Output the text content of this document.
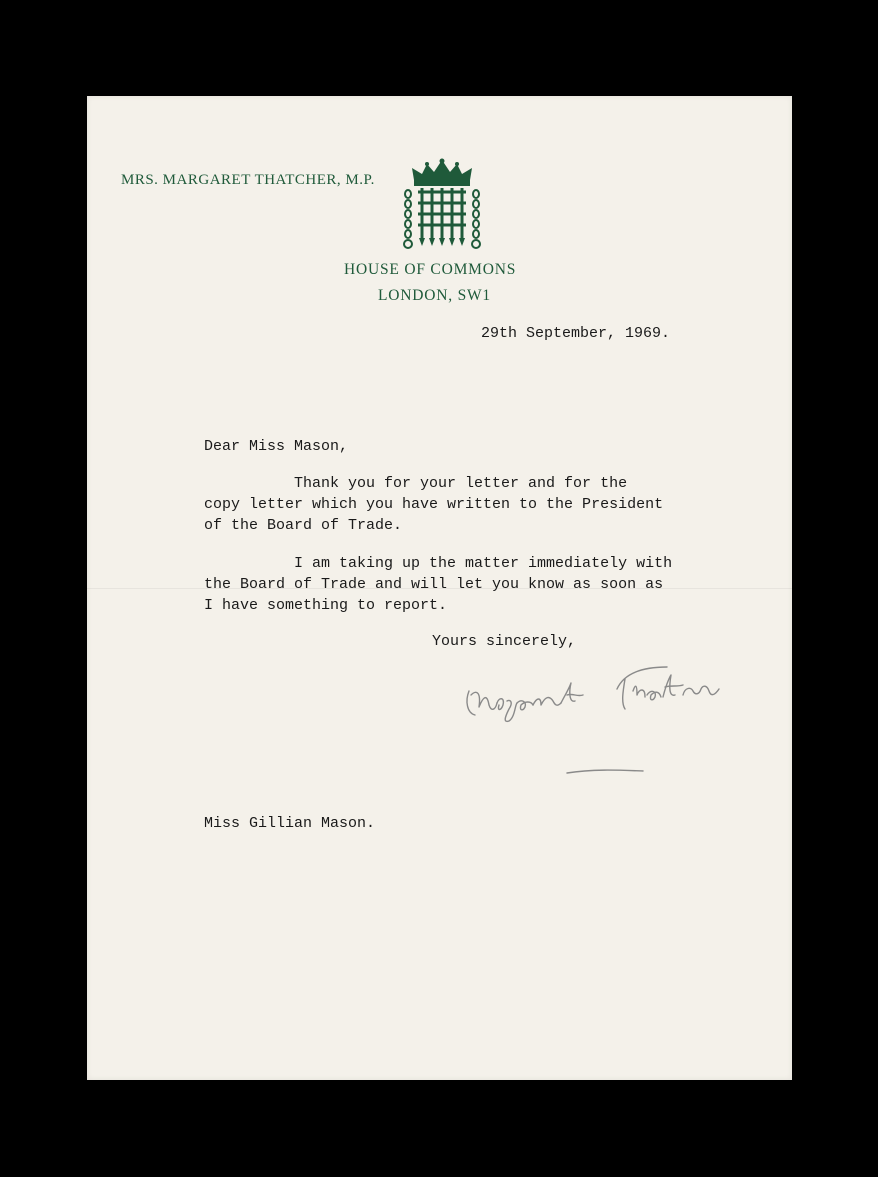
MRS. MARGARET THATCHER, M.P.
HOUSE OF COMMONS
LONDON, SW1
29th September, 1969.
Dear Miss Mason,
Thank you for your letter and for the
copy letter which you have written to the President
of the Board of Trade.
I am taking up the matter immediately with
the Board of Trade and will let you know as soon as
I have something to report.
Yours sincerely,
Miss Gillian Mason.
